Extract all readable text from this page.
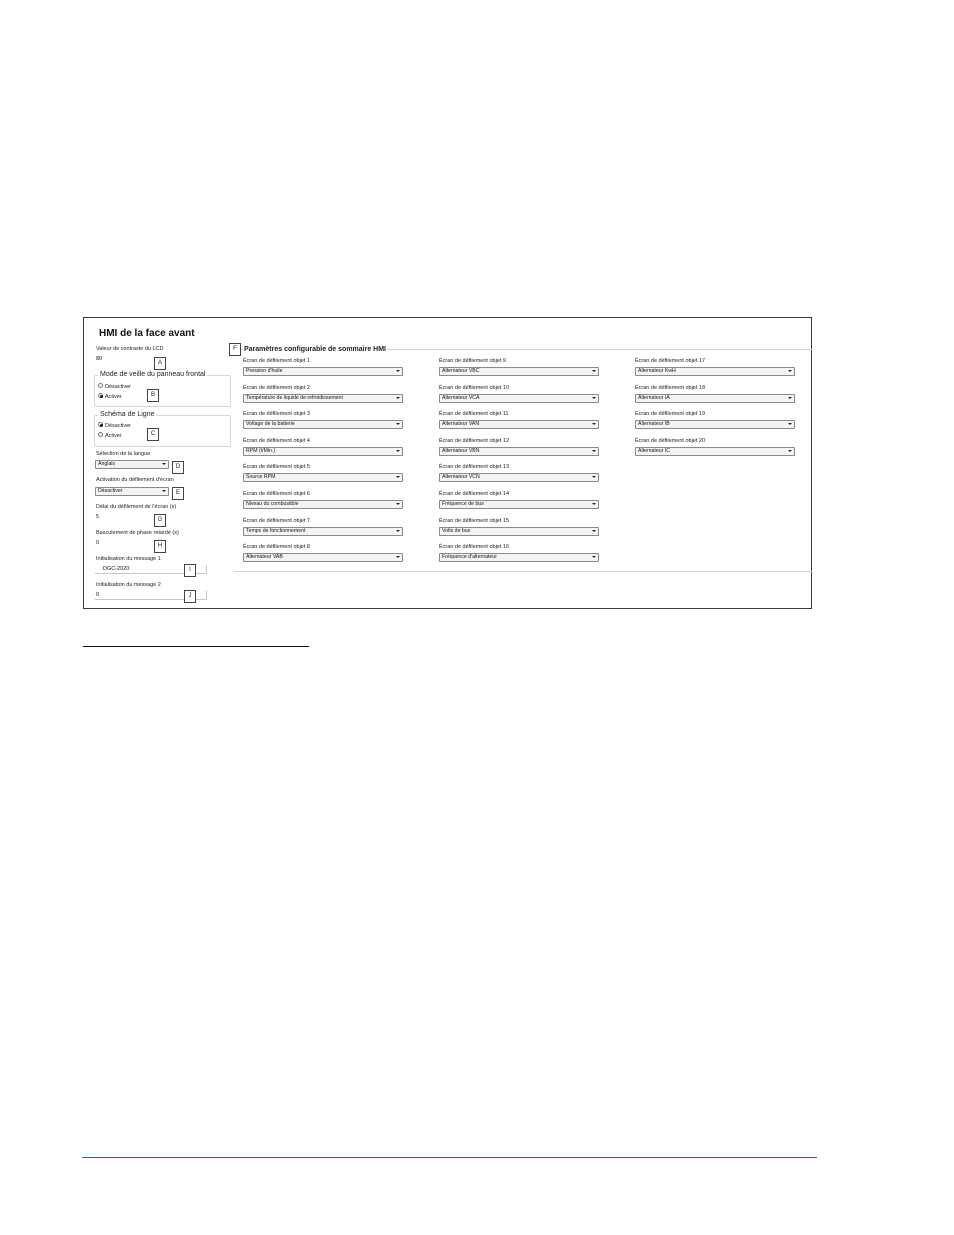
HMI de la face avant
Valeur de contraste du LCD
80
A
Mode de veille du panneau frontal
Désactiver
Activer	B
Schéma de Ligne
Désactiver
Activer	C
Sélection de la langue
Anglais	D
Activation du défilement d'écran
Désactiver	E
Délai du défilement de l'écran (s)
5	G
Basculement de phase retardé (s)
0	H
Initialisation du message 1
DGC-2020	I
Initialisation du message 2
0	J
F	Paramètres configurable de sommaire HMI
Écran de défilement objet 1
Pression d'huile
Écran de défilement objet 2
Température de liquide de refroidissement
Écran de défilement objet 3
Voltage de la batterie
Écran de défilement objet 4
RPM (t/Min.)
Écran de défilement objet 5
Source RPM
Écran de défilement objet 6
Niveau du combustible
Écran de défilement objet 7
Temps de fonctionnement
Écran de défilement objet 8
Alternateur VAB
Écran de défilement objet 9
Alternateur VBC
Écran de défilement objet 10
Alternateur VCA
Écran de défilement objet 11
Alternateur VAN
Écran de défilement objet 12
Alternateur VBN
Écran de défilement objet 13
Alternateur VCN
Écran de défilement objet 14
Fréquence de bus
Écran de défilement objet 15
Volts de bus
Écran de défilement objet 16
Fréquence d'alternateur
Écran de défilement objet 17
Alternateur KwH
Écran de défilement objet 18
Alternateur IA
Écran de défilement objet 19
Alternateur IB
Écran de défilement objet 20
Alternateur IC
